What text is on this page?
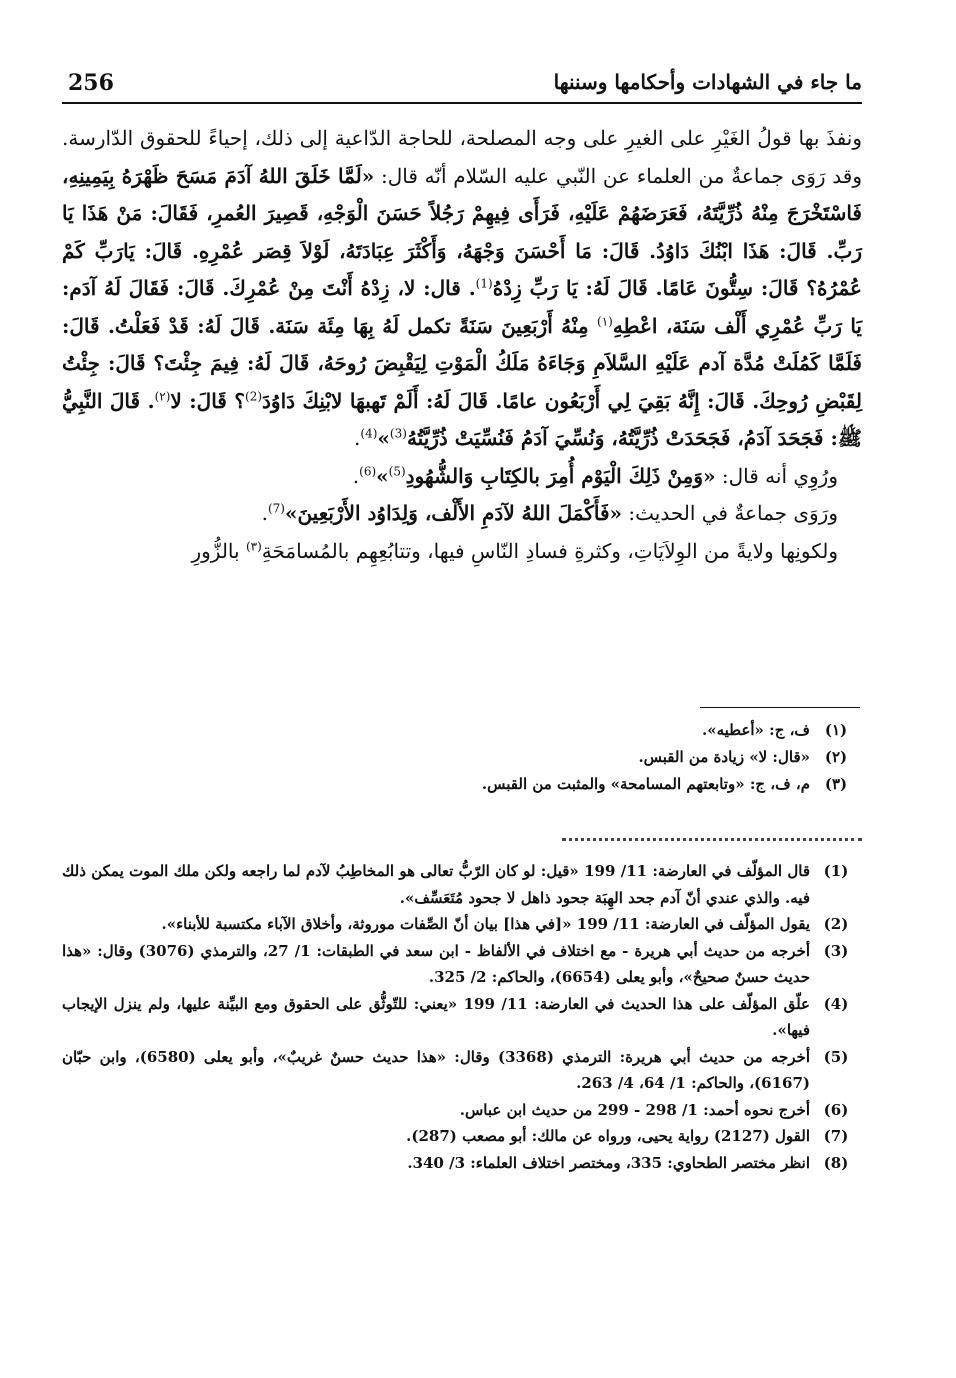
256	ما جاء في الشهادات وأحكامها وسننها

ونفذَ بها قولُ الغَيْرِ على الغيرِ على وجه المصلحة، للحاجة الدّاعية إلى ذلك، إحياءً للحقوق الدّارسة. وقد رَوَى جماعةٌ من العلماء عن النّبي عليه السّلام أنّه قال: «لَمَّا خَلَقَ اللهُ آدَمَ مَسَحَ ظَهْرَهُ بِيَمِينِهِ، فَاسْتَخْرَجَ مِنْهُ ذُرِّيَّتَهُ، فَعَرَضَهُمْ عَلَيْهِ، فَرَأَى فِيهِمْ رَجُلاً حَسَنَ الْوَجْهِ، قَصِيرَ العُمرِ، فَقَالَ: مَنْ هَذَا يَا رَبِّ. قَالَ: هَذَا ابْنُكَ دَاوُدُ. قَالَ: مَا أَحْسَنَ وَجْهَهُ، وَأَكْثَرَ عِبَادَتَهُ، لَوْلاَ قِصَر عُمْرِهِ. قَالَ: يَارَبِّ كَمْ عُمْرُهُ؟ قَالَ: سِتُّونَ عَامًا. قَالَ لَهُ: يَا رَبِّ زِدْهُ$^{(1)}$. قال: لا، زِدْهُ أَنْتَ مِنْ عُمْرِكَ. قَالَ: فَقَالَ لَهُ آدَم: يَا رَبِّ عُمْرِي أَلْف سَنَة، اعْطِهِ$^{(١)}$ مِنْهُ أَرْبَعِينَ سَنَةً تكمل لَهُ بِهَا مِئَة سَنَة. قَالَ لَهُ: قَدْ فَعَلْتُ. قَالَ: فَلَمَّا كَمُلَتْ مُدَّة آدم عَلَيْهِ السَّلاَمِ وَجَاءَهُ مَلَكُ الْمَوْتِ لِيَقْبِضَ رُوحَهُ، قَالَ لَهُ: فِيمَ جِئْتَ؟ قَالَ: جِئْتُ لِقَبْضِ رُوحِكَ. قَالَ: إِنَّهُ بَقِيَ لِي أَرْبَعُون عامًا. قَالَ لَهُ: أَلَمْ تَهبهَا لابْنِكَ دَاوُدَ$^{(2)}$؟ قَالَ: لا$^{(٢)}$. قَالَ النَّبِيُّ ﷺ: فَجَحَدَ آدَمُ، فَجَحَدَتْ ذُرِّيَّتُهُ، وَنُسِّيَ آدَمُ فَنُسِّيَتْ ذُرِّيَّتُهُ$^{(3)}$»$^{(4)}$.

ورُوِي أنه قال: «وَمِنْ ذَلِكَ الْيَوْم أُمِرَ بالكِتَابِ وَالشُّهُودِ$^{(5)}$»$^{(6)}$.

ورَوَى جماعةٌ في الحديث: «فَأَكْمَلَ اللهُ لآدَمِ الأَلْف، وَلِدَاوُد الأَرْبَعِينَ»$^{(7)}$.

ولكونِها ولايةً من الوِلاَيَاتِ، وكثرةِ فسادِ النّاسِ فيها، وتتابُعِهِم بالمُسامَحَةِ$^{(٣)}$ بالزُّورِ

(١)
ف، ج: «أعطيه».
(٢)
«قال: لا» زيادة من القبس.
(٣)
م، ف، ج: «وتابعتهم المسامحة» والمثبت من القبس.
(1)
قال المؤلّف في العارضة: 11/ 199 «قيل: لو كان الرّبُّ تعالى هو المخاطِبُ لآدم لما راجعه ولكن ملك الموت يمكن ذلك فيه. والذي عندي أنّ آدم جحد الهِبَة جحود ذاهل لا جحود مُتَعَسِّف».
(2)
يقول المؤلّف في العارضة: 11/ 199 «[في هذا] بيان أنّ الصِّفات موروثة، وأخلاق الآباء مكتسبة للأبناء».
(3)
أخرجه من حديث أبي هريرة - مع اختلاف في الألفاظ - ابن سعد في الطبقات: 1/ 27، والترمذي (3076) وقال: «هذا حديث حسنٌ صحيحٌ»، وأبو يعلى (6654)، والحاكم: 2/ 325.
(4)
علّق المؤلّف على هذا الحديث في العارضة: 11/ 199 «يعني: للتّوثُّق على الحقوق ومع البيِّنة عليها، ولم ينزل الإيجاب فيها».
(5)
أخرجه من حديث أبي هريرة: الترمذي (3368) وقال: «هذا حديث حسنٌ غريبٌ»، وأبو يعلى (6580)، وابن حبّان (6167)، والحاكم: 1/ 64، 4/ 263.
(6)
أخرج نحوه أحمد: 1/ 298 - 299 من حديث ابن عباس.
(7)
القول (2127) رواية يحيى، ورواه عن مالك: أبو مصعب (287).
(8)
انظر مختصر الطحاوي: 335، ومختصر اختلاف العلماء: 3/ 340.
